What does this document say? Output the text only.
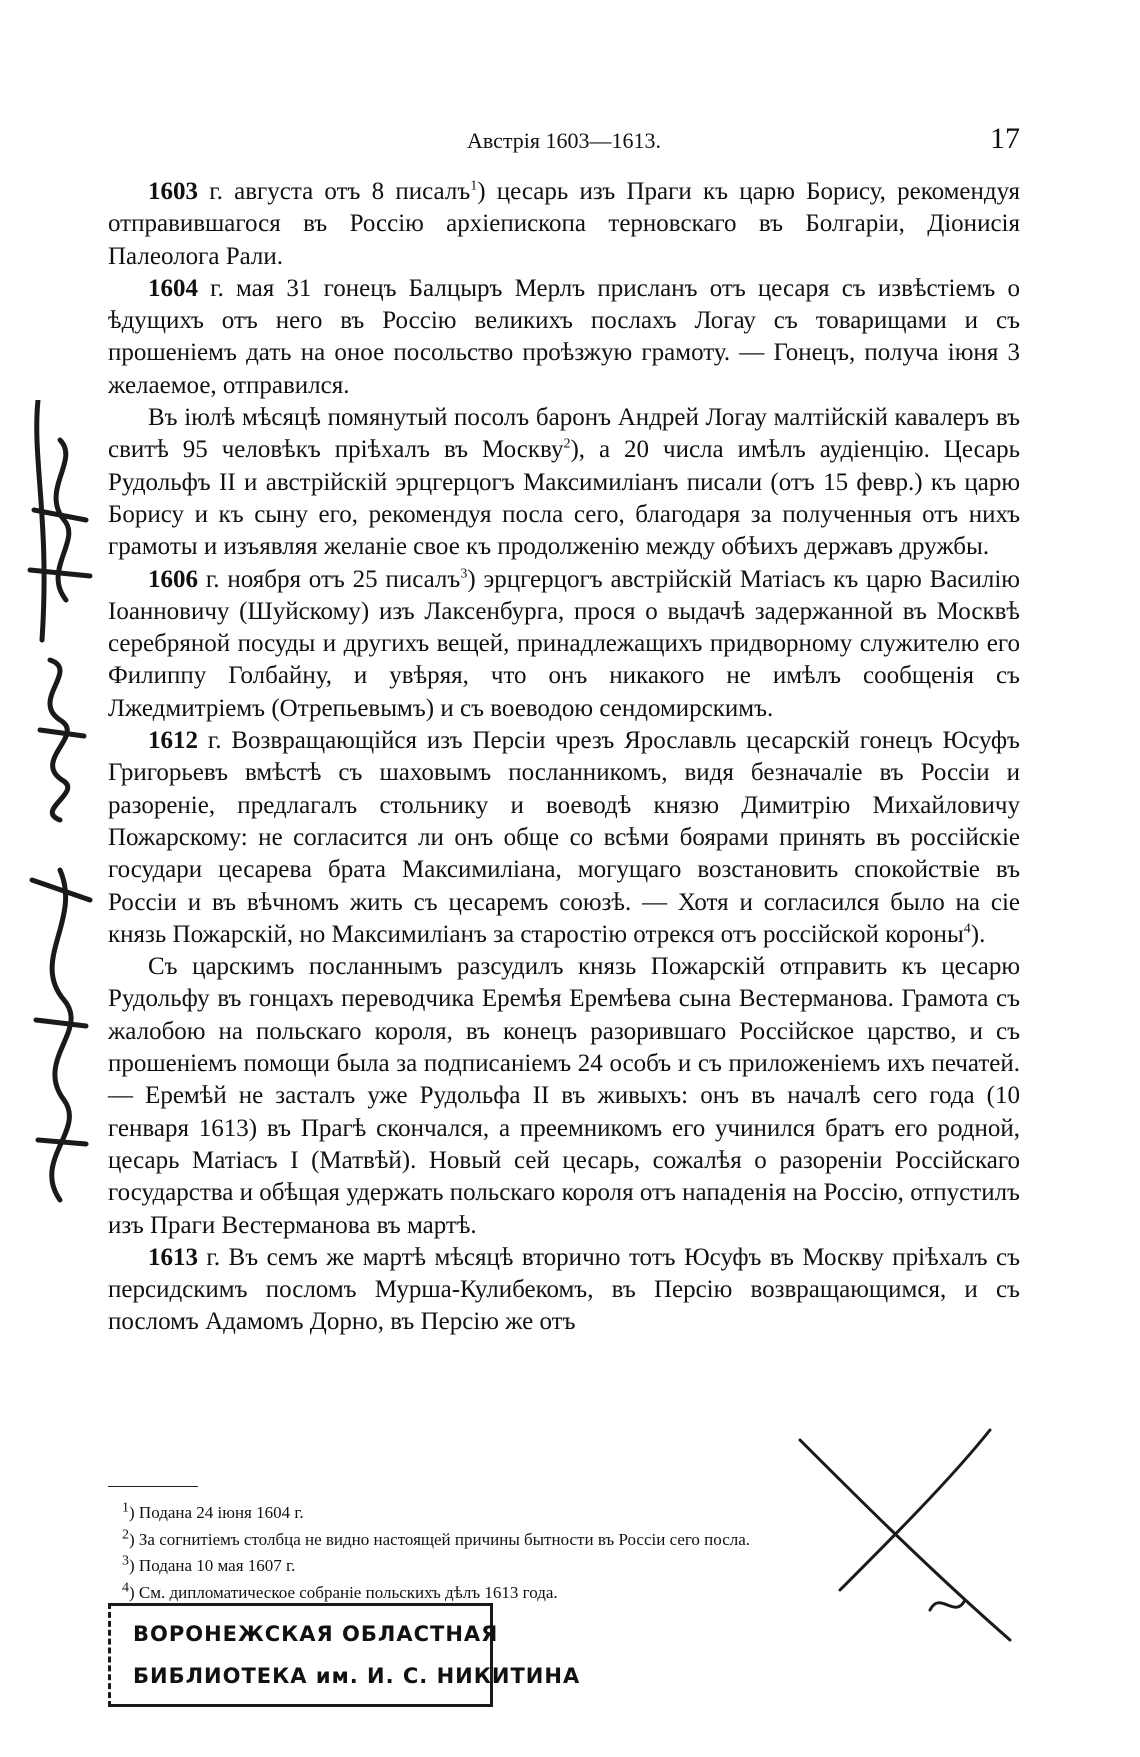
Австрія 1603—1613.	17

1603 г. августа отъ 8 писалъ$^1$) цесарь изъ Праги къ царю Борису, рекомендуя отправившагося въ Россію архіепископа терновскаго въ Болгаріи, Діонисія Палеолога Рали.

1604 г. мая 31 гонецъ Балцыръ Мерлъ присланъ отъ цесаря съ извѣстіемъ о ѣдущихъ отъ него въ Россію великихъ послахъ Логау съ товарищами и съ прошеніемъ дать на оное посольство проѣзжую грамоту. — Гонецъ, получа іюня 3 желаемое, отправился.

Въ іюлѣ мѣсяцѣ помянутый посолъ баронъ Андрей Логау малтійскій кавалеръ въ свитѣ 95 человѣкъ пріѣхалъ въ Москву$^2$), а 20 числа имѣлъ аудіенцію. Цесарь Рудольфъ II и австрійскій эрцгерцогъ Максимиліанъ писали (отъ 15 февр.) къ царю Борису и къ сыну его, рекомендуя посла сего, благодаря за полученныя отъ нихъ грамоты и изъявляя желаніе свое къ продолженію между обѣихъ державъ дружбы.

1606 г. ноября отъ 25 писалъ$^3$) эрцгерцогъ австрійскій Матіасъ къ царю Василію Іоанновичу (Шуйскому) изъ Лаксенбурга, прося о выдачѣ задержанной въ Москвѣ серебряной посуды и другихъ вещей, принадлежащихъ придворному служителю его Филиппу Голбайну, и увѣряя, что онъ никакого не имѣлъ сообщенія съ Лжедмитріемъ (Отрепьевымъ) и съ воеводою сендомирскимъ.

1612 г. Возвращающійся изъ Персіи чрезъ Ярославль цесарскій гонецъ Юсуфъ Григорьевъ вмѣстѣ съ шаховымъ посланникомъ, видя безначаліе въ Россіи и разореніе, предлагалъ стольнику и воеводѣ князю Димитрію Михайловичу Пожарскому: не согласится ли онъ обще со всѣми боярами принять въ россійскіе государи цесарева брата Максимиліана, могущаго возстановить спокойствіе въ Россіи и въ вѣчномъ жить съ цесаремъ союзѣ. — Хотя и согласился было на сіе князь Пожарскій, но Максимиліанъ за старостію отрекся отъ россійской короны$^4$).

Съ царскимъ посланнымъ разсудилъ князь Пожарскій отправить къ цесарю Рудольфу въ гонцахъ переводчика Еремѣя Еремѣева сына Вестерманова. Грамота съ жалобою на польскаго короля, въ конецъ разорившаго Россійское царство, и съ прошеніемъ помощи была за подписаніемъ 24 особъ и съ приложеніемъ ихъ печатей. — Еремѣй не засталъ уже Рудольфа II въ живыхъ: онъ въ началѣ сего года (10 генваря 1613) въ Прагѣ скончался, а преемникомъ его учинился братъ его родной, цесарь Матіасъ I (Матвѣй). Новый сей цесарь, сожалѣя о разореніи Россійскаго государства и обѣщая удержать польскаго короля отъ нападенія на Россію, отпустилъ изъ Праги Вестерманова въ мартѣ.

1613 г. Въ семъ же мартѣ мѣсяцѣ вторично тотъ Юсуфъ въ Москву пріѣхалъ съ персидскимъ посломъ Мурша-Кулибекомъ, въ Персію возвращающимся, и съ посломъ Адамомъ Дорно, въ Персію же отъ

$^1$) Подана 24 іюня 1604 г.

$^2$) За согнитіемъ столбца не видно настоящей причины бытности въ Россіи сего посла.

$^3$) Подана 10 мая 1607 г.

$^4$) См. дипломатическое собраніе польскихъ дѣлъ 1613 года.

ВОРОНЕЖСКАЯ ОБЛАСТНАЯ
БИБЛИОТЕКА им. И. С. НИКИТИНА
